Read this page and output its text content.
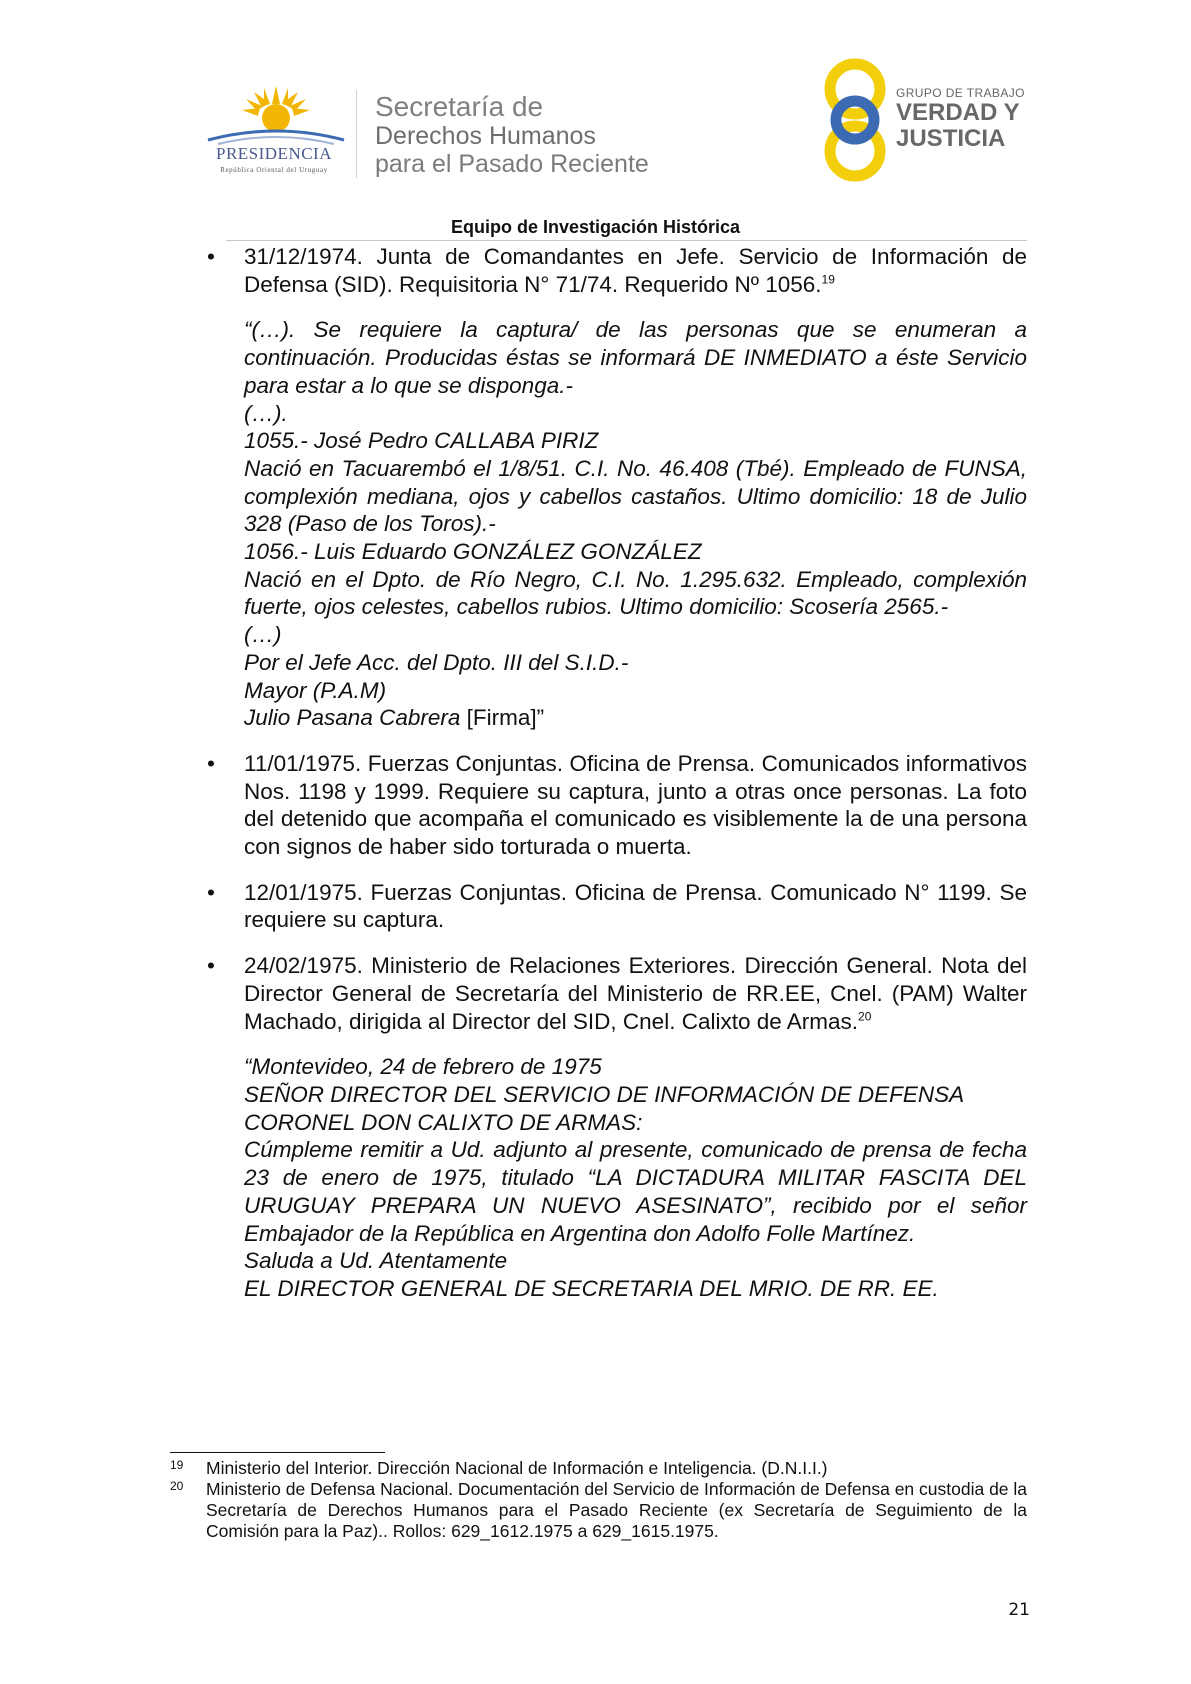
PRESIDENCIA
República Oriental del Uruguay
Secretaría de
Derechos Humanos
para el Pasado Reciente
GRUPO DE TRABAJO
VERDAD Y
JUSTICIA
Equipo de Investigación Histórica
• 31/12/1974. Junta de Comandantes en Jefe. Servicio de Información de Defensa (SID). Requisitoria N° 71/74. Requerido Nº 1056.19
“(…). Se requiere la captura/ de las personas que se enumeran a continuación. Producidas éstas se informará DE INMEDIATO a éste Servicio para estar a lo que se disponga.-
(…).
1055.- José Pedro CALLABA PIRIZ
Nació en Tacuarembó el 1/8/51. C.I. No. 46.408 (Tbé). Empleado de FUNSA, complexión mediana, ojos y cabellos castaños. Ultimo domicilio: 18 de Julio 328 (Paso de los Toros).-
1056.- Luis Eduardo GONZÁLEZ GONZÁLEZ
Nació en el Dpto. de Río Negro, C.I. No. 1.295.632. Empleado, complexión fuerte, ojos celestes, cabellos rubios. Ultimo domicilio: Scosería 2565.-
(…)
Por el Jefe Acc. del Dpto. III del S.I.D.-
Mayor (P.A.M)
Julio Pasana Cabrera [Firma]”
• 11/01/1975. Fuerzas Conjuntas. Oficina de Prensa. Comunicados informativos Nos. 1198 y 1999. Requiere su captura, junto a otras once personas. La foto del detenido que acompaña el comunicado es visiblemente la de una persona con signos de haber sido torturada o muerta.
• 12/01/1975. Fuerzas Conjuntas. Oficina de Prensa. Comunicado N° 1199. Se requiere su captura.
• 24/02/1975. Ministerio de Relaciones Exteriores. Dirección General. Nota del Director General de Secretaría del Ministerio de RR.EE, Cnel. (PAM) Walter Machado, dirigida al Director del SID, Cnel. Calixto de Armas.$^{20}$
“Montevideo, 24 de febrero de 1975
SEÑOR DIRECTOR DEL SERVICIO DE INFORMACIÓN DE DEFENSA
CORONEL DON CALIXTO DE ARMAS:
Cúmpleme remitir a Ud. adjunto al presente, comunicado de prensa de fecha 23 de enero de 1975, titulado “LA DICTADURA MILITAR FASCITA DEL URUGUAY PREPARA UN NUEVO ASESINATO”, recibido por el señor Embajador de la República en Argentina don Adolfo Folle Martínez.
Saluda a Ud. Atentamente
EL DIRECTOR GENERAL DE SECRETARIA DEL MRIO. DE RR. EE.
19 Ministerio del Interior. Dirección Nacional de Información e Inteligencia. (D.N.I.I.)
20 Ministerio de Defensa Nacional. Documentación del Servicio de Información de Defensa en custodia de la Secretaría de Derechos Humanos para el Pasado Reciente (ex Secretaría de Seguimiento de la Comisión para la Paz).. Rollos: 629_1612.1975 a 629_1615.1975.
21
